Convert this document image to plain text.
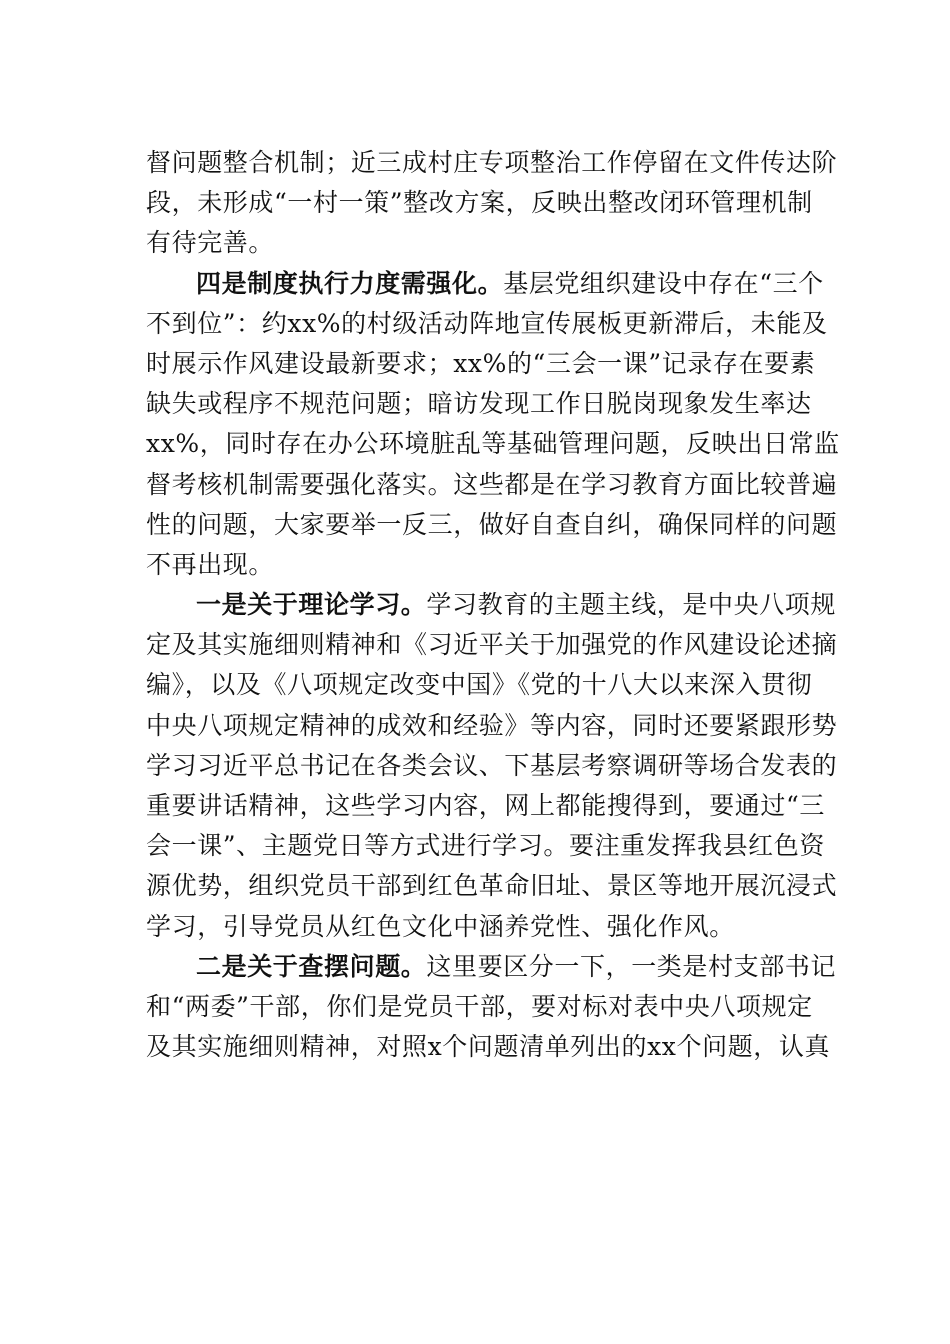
督问题整合机制；近三成村庄专项整治工作停留在文件传达阶
段，未形成“一村一策”整改方案，反映出整改闭环管理机制
有待完善。
四是制度执行力度需强化。基层党组织建设中存在“三个
不到位”：约xx%的村级活动阵地宣传展板更新滞后，未能及
时展示作风建设最新要求；xx%的“三会一课”记录存在要素
缺失或程序不规范问题；暗访发现工作日脱岗现象发生率达
xx%，同时存在办公环境脏乱等基础管理问题，反映出日常监
督考核机制需要强化落实。这些都是在学习教育方面比较普遍
性的问题，大家要举一反三，做好自查自纠，确保同样的问题
不再出现。
一是关于理论学习。学习教育的主题主线，是中央八项规
定及其实施细则精神和《习近平关于加强党的作风建设论述摘
编》，以及《八项规定改变中国》《党的十八大以来深入贯彻
中央八项规定精神的成效和经验》等内容，同时还要紧跟形势
学习习近平总书记在各类会议、下基层考察调研等场合发表的
重要讲话精神，这些学习内容，网上都能搜得到，要通过“三
会一课”、主题党日等方式进行学习。要注重发挥我县红色资
源优势，组织党员干部到红色革命旧址、景区等地开展沉浸式
学习，引导党员从红色文化中涵养党性、强化作风。
二是关于查摆问题。这里要区分一下，一类是村支部书记
和“两委”干部，你们是党员干部，要对标对表中央八项规定
及其实施细则精神，对照x个问题清单列出的xx个问题，认真
